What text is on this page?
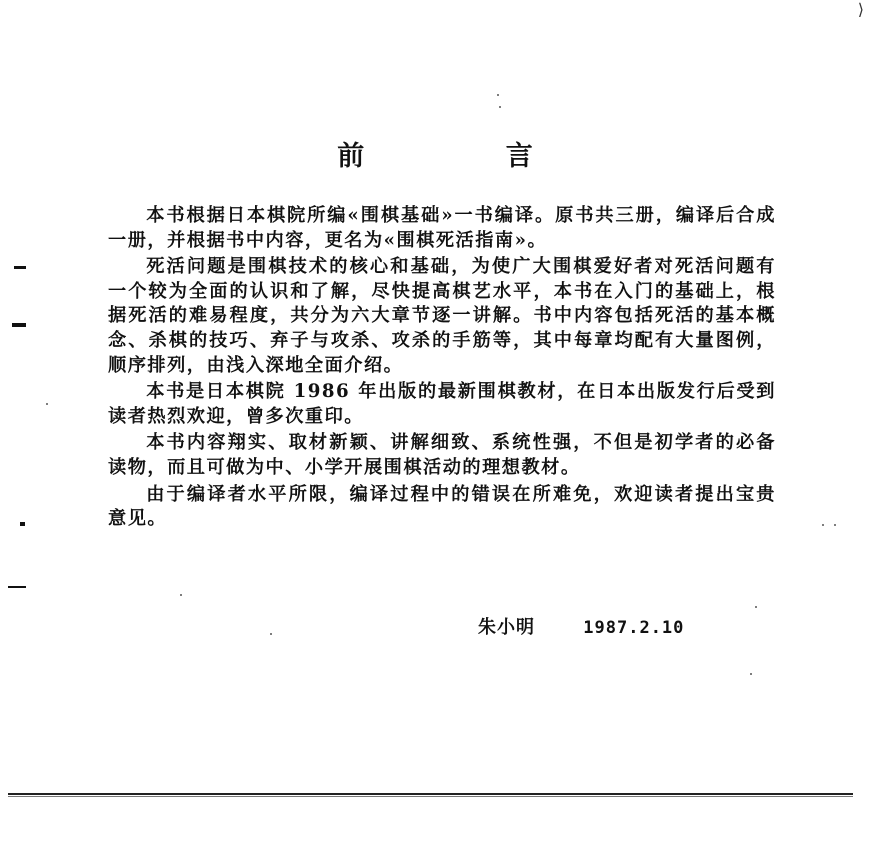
⟩
前 言

本书根据日本棋院所编«围棋基础»一书编译。原书共三册，编译后合成一册，并根据书中内容，更名为«围棋死活指南»。

死活问题是围棋技术的核心和基础，为使广大围棋爱好者对死活问题有一个较为全面的认识和了解，尽快提高棋艺水平，本书在入门的基础上，根据死活的难易程度，共分为六大章节逐一讲解。书中内容包括死活的基本概念、杀棋的技巧、弃子与攻杀、攻杀的手筋等，其中每章均配有大量图例，顺序排列，由浅入深地全面介绍。

本书是日本棋院 1986 年出版的最新围棋教材，在日本出版发行后受到读者热烈欢迎，曾多次重印。

本书内容翔实、取材新颖、讲解细致、系统性强，不但是初学者的必备读物，而且可做为中、小学开展围棋活动的理想教材。

由于编译者水平所限，编译过程中的错误在所难免，欢迎读者提出宝贵意见。

朱小明	1987.2.10
